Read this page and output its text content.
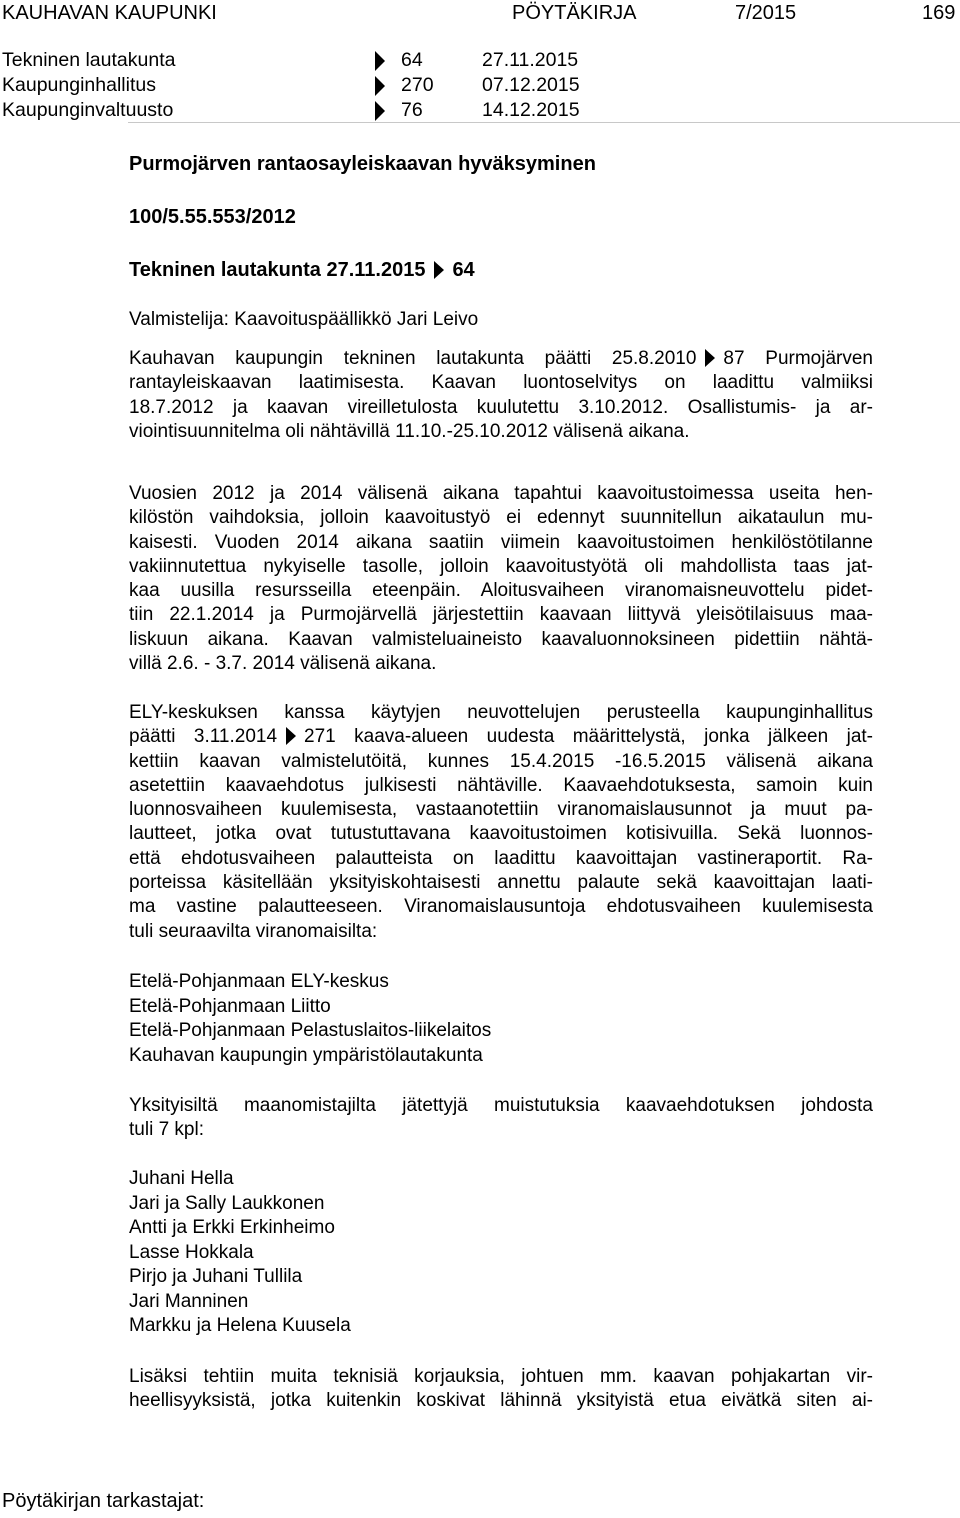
KAUHAVAN KAUPUNKI	PÖYTÄKIRJA	7/2015	169
Tekninen lautakunta	64	27.11.2015
Kaupunginhallitus	270 07.12.2015
Kaupunginvaltuusto	76	14.12.2015
Purmojärven rantaosayleiskaavan hyväksyminen
100/5.55.553/2012
Tekninen lautakunta 27.11.2015 64
Valmistelija: Kaavoituspäällikkö Jari Leivo
Kauhavan kaupungin tekninen lautakunta päätti 25.8.2010 87 Purmojärven
rantayleiskaavan laatimisesta. Kaavan luontoselvitys on laadittu valmiiksi
18.7.2012 ja kaavan vireilletulosta kuulutettu 3.10.2012. Osallistumis- ja ar-
viointisuunnitelma oli nähtävillä 11.10.-25.10.2012 välisenä aikana.
Vuosien 2012 ja 2014 välisenä aikana tapahtui kaavoitustoimessa useita hen-
kilöstön vaihdoksia, jolloin kaavoitustyö ei edennyt suunnitellun aikataulun mu-
kaisesti. Vuoden 2014 aikana saatiin viimein kaavoitustoimen henkilöstötilanne
vakiinnutettua nykyiselle tasolle, jolloin kaavoitustyötä oli mahdollista taas jat-
kaa uusilla resursseilla eteenpäin. Aloitusvaiheen viranomaisneuvottelu pidet-
tiin 22.1.2014 ja Purmojärvellä järjestettiin kaavaan liittyvä yleisötilaisuus maa-
liskuun aikana. Kaavan valmisteluaineisto kaavaluonnoksineen pidettiin nähtä-
villä 2.6. - 3.7. 2014 välisenä aikana.
ELY-keskuksen kanssa käytyjen neuvottelujen perusteella kaupunginhallitus
päätti 3.11.2014 271 kaava-alueen uudesta määrittelystä, jonka jälkeen jat-
kettiin kaavan valmistelutöitä, kunnes 15.4.2015 -16.5.2015 välisenä aikana
asetettiin kaavaehdotus julkisesti nähtäville. Kaavaehdotuksesta, samoin kuin
luonnosvaiheen kuulemisesta, vastaanotettiin viranomaislausunnot ja muut pa-
lautteet, jotka ovat tutustuttavana kaavoitustoimen kotisivuilla. Sekä luonnos-
että ehdotusvaiheen palautteista on laadittu kaavoittajan vastineraportit. Ra-
porteissa käsitellään yksityiskohtaisesti annettu palaute sekä kaavoittajan laati-
ma vastine palautteeseen. Viranomaislausuntoja ehdotusvaiheen kuulemisesta
tuli seuraavilta viranomaisilta:
Etelä-Pohjanmaan ELY-keskus
Etelä-Pohjanmaan Liitto
Etelä-Pohjanmaan Pelastuslaitos-liikelaitos
Kauhavan kaupungin ympäristölautakunta
Yksityisiltä maanomistajilta jätettyjä muistutuksia kaavaehdotuksen johdosta
tuli 7 kpl:
Juhani Hella
Jari ja Sally Laukkonen
Antti ja Erkki Erkinheimo
Lasse Hokkala
Pirjo ja Juhani Tullila
Jari Manninen
Markku ja Helena Kuusela
Lisäksi tehtiin muita teknisiä korjauksia, johtuen mm. kaavan pohjakartan vir-
heellisyyksistä, jotka kuitenkin koskivat lähinnä yksityistä etua eivätkä siten ai-
Pöytäkirjan tarkastajat:
